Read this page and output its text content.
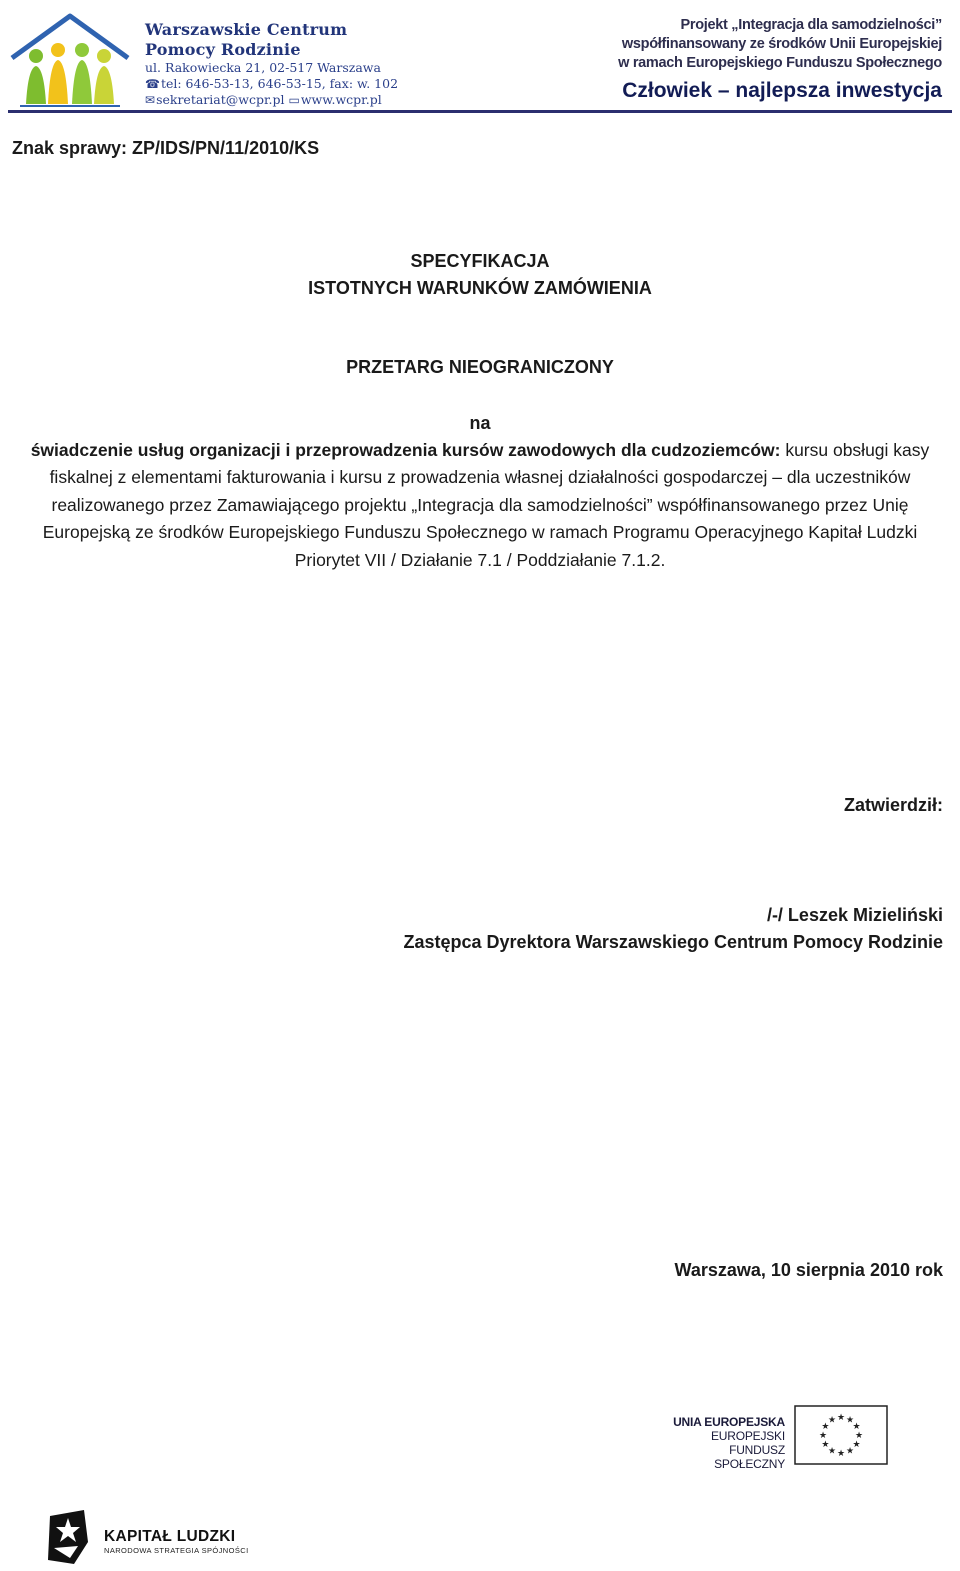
Warszawskie Centrum
Pomocy Rodzinie
ul. Rakowiecka 21, 02-517 Warszawa
☎tel: 646-53-13, 646-53-15, fax: w. 102
✉sekretariat@wcpr.pl ▭www.wcpr.pl
Projekt „Integracja dla samodzielności”
współfinansowany ze środków Unii Europejskiej
w ramach Europejskiego Funduszu Społecznego
Człowiek – najlepsza inwestycja
Znak sprawy: ZP/IDS/PN/11/2010/KS
SPECYFIKACJA
ISTOTNYCH WARUNKÓW ZAMÓWIENIA
PRZETARG NIEOGRANICZONY
na
świadczenie usług organizacji i przeprowadzenia kursów zawodowych dla cudzoziemców: kursu obsługi kasy fiskalnej z elementami fakturowania i kursu z prowadzenia własnej działalności gospodarczej – dla uczestników realizowanego przez Zamawiającego projektu „Integracja dla samodzielności” współfinansowanego przez Unię Europejską ze środków Europejskiego Funduszu Społecznego w ramach Programu Operacyjnego Kapitał Ludzki Priorytet VII / Działanie 7.1 / Poddziałanie 7.1.2.
Zatwierdził:
/-/ Leszek Mizieliński
Zastępca Dyrektora Warszawskiego Centrum Pomocy Rodzinie
Warszawa, 10 sierpnia 2010 rok
UNIA EUROPEJSKA
EUROPEJSKI
FUNDUSZ SPOŁECZNY
★ ★
★
★
★
★
★
★
★
★
★
★
KAPITAŁ LUDZKI
NARODOWA STRATEGIA SPÓJNOŚCI
